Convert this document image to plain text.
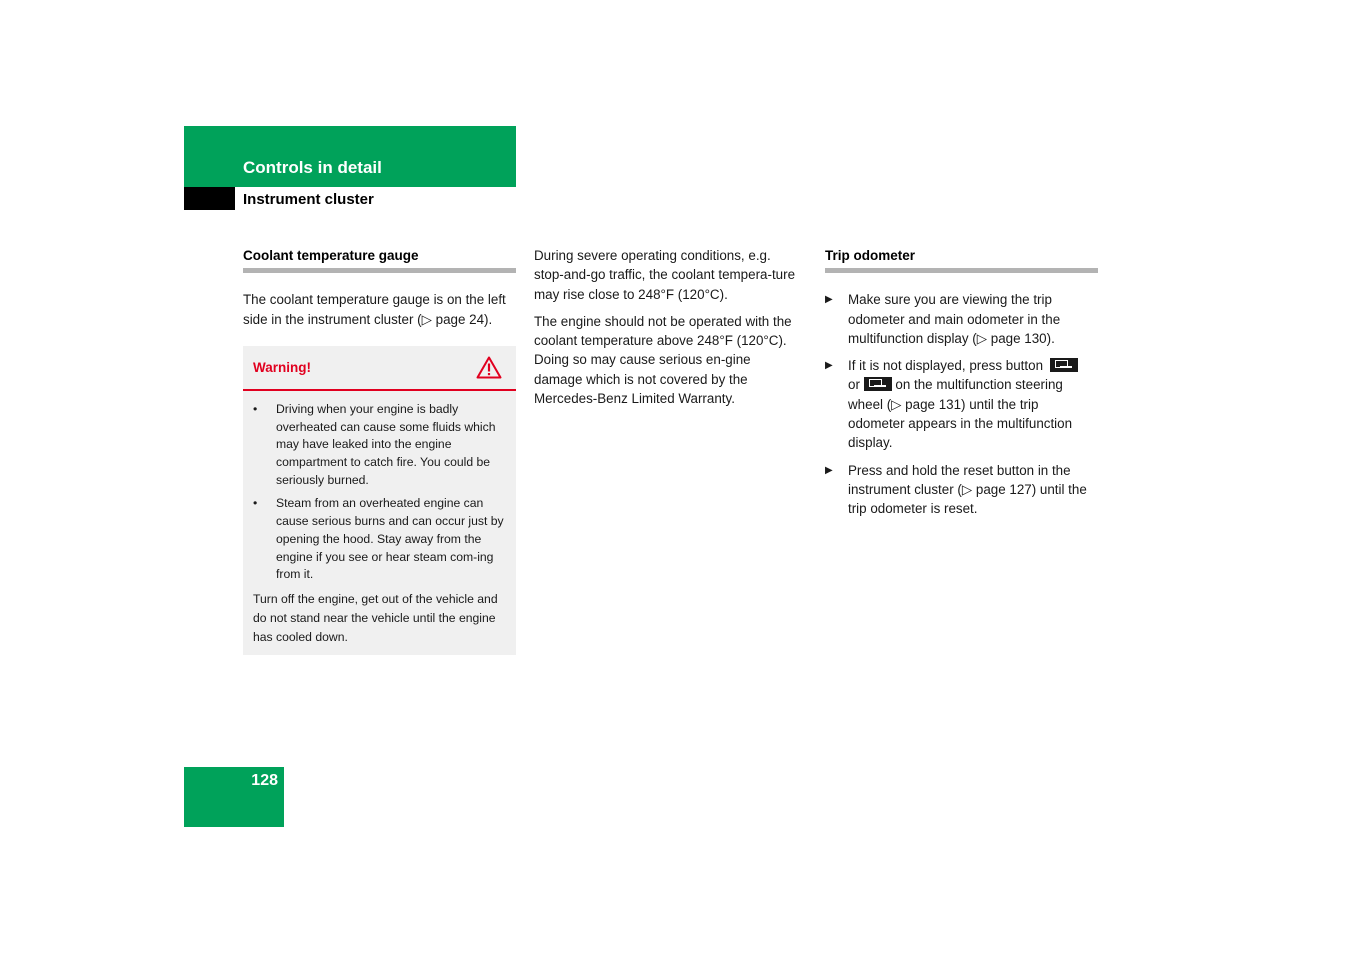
Controls in detail
Instrument cluster
Coolant temperature gauge

The coolant temperature gauge is on the left side in the instrument cluster (▷ page 24).

Warning!
• Driving when your engine is badly overheated can cause some fluids which may have leaked into the engine compartment to catch fire. You could be seriously burned.
• Steam from an overheated engine can cause serious burns and can occur just by opening the hood. Stay away from the engine if you see or hear steam com-ing from it.

Turn off the engine, get out of the vehicle and do not stand near the vehicle until the engine has cooled down.

During severe operating conditions, e.g. stop-and-go traffic, the coolant tempera-ture may rise close to 248°F (120°C).

The engine should not be operated with the coolant temperature above 248°F (120°C). Doing so may cause serious en-gine damage which is not covered by the Mercedes-Benz Limited Warranty.

Trip odometer
▶ Make sure you are viewing the trip odometer and main odometer in the multifunction display (▷ page 130).
▶ If it is not displayed, press button
or	on the multifunction steering wheel (▷ page 131) until the trip odometer appears in the multifunction display.
▶ Press and hold the reset button in the instrument cluster (▷ page 127) until the trip odometer is reset.
128
